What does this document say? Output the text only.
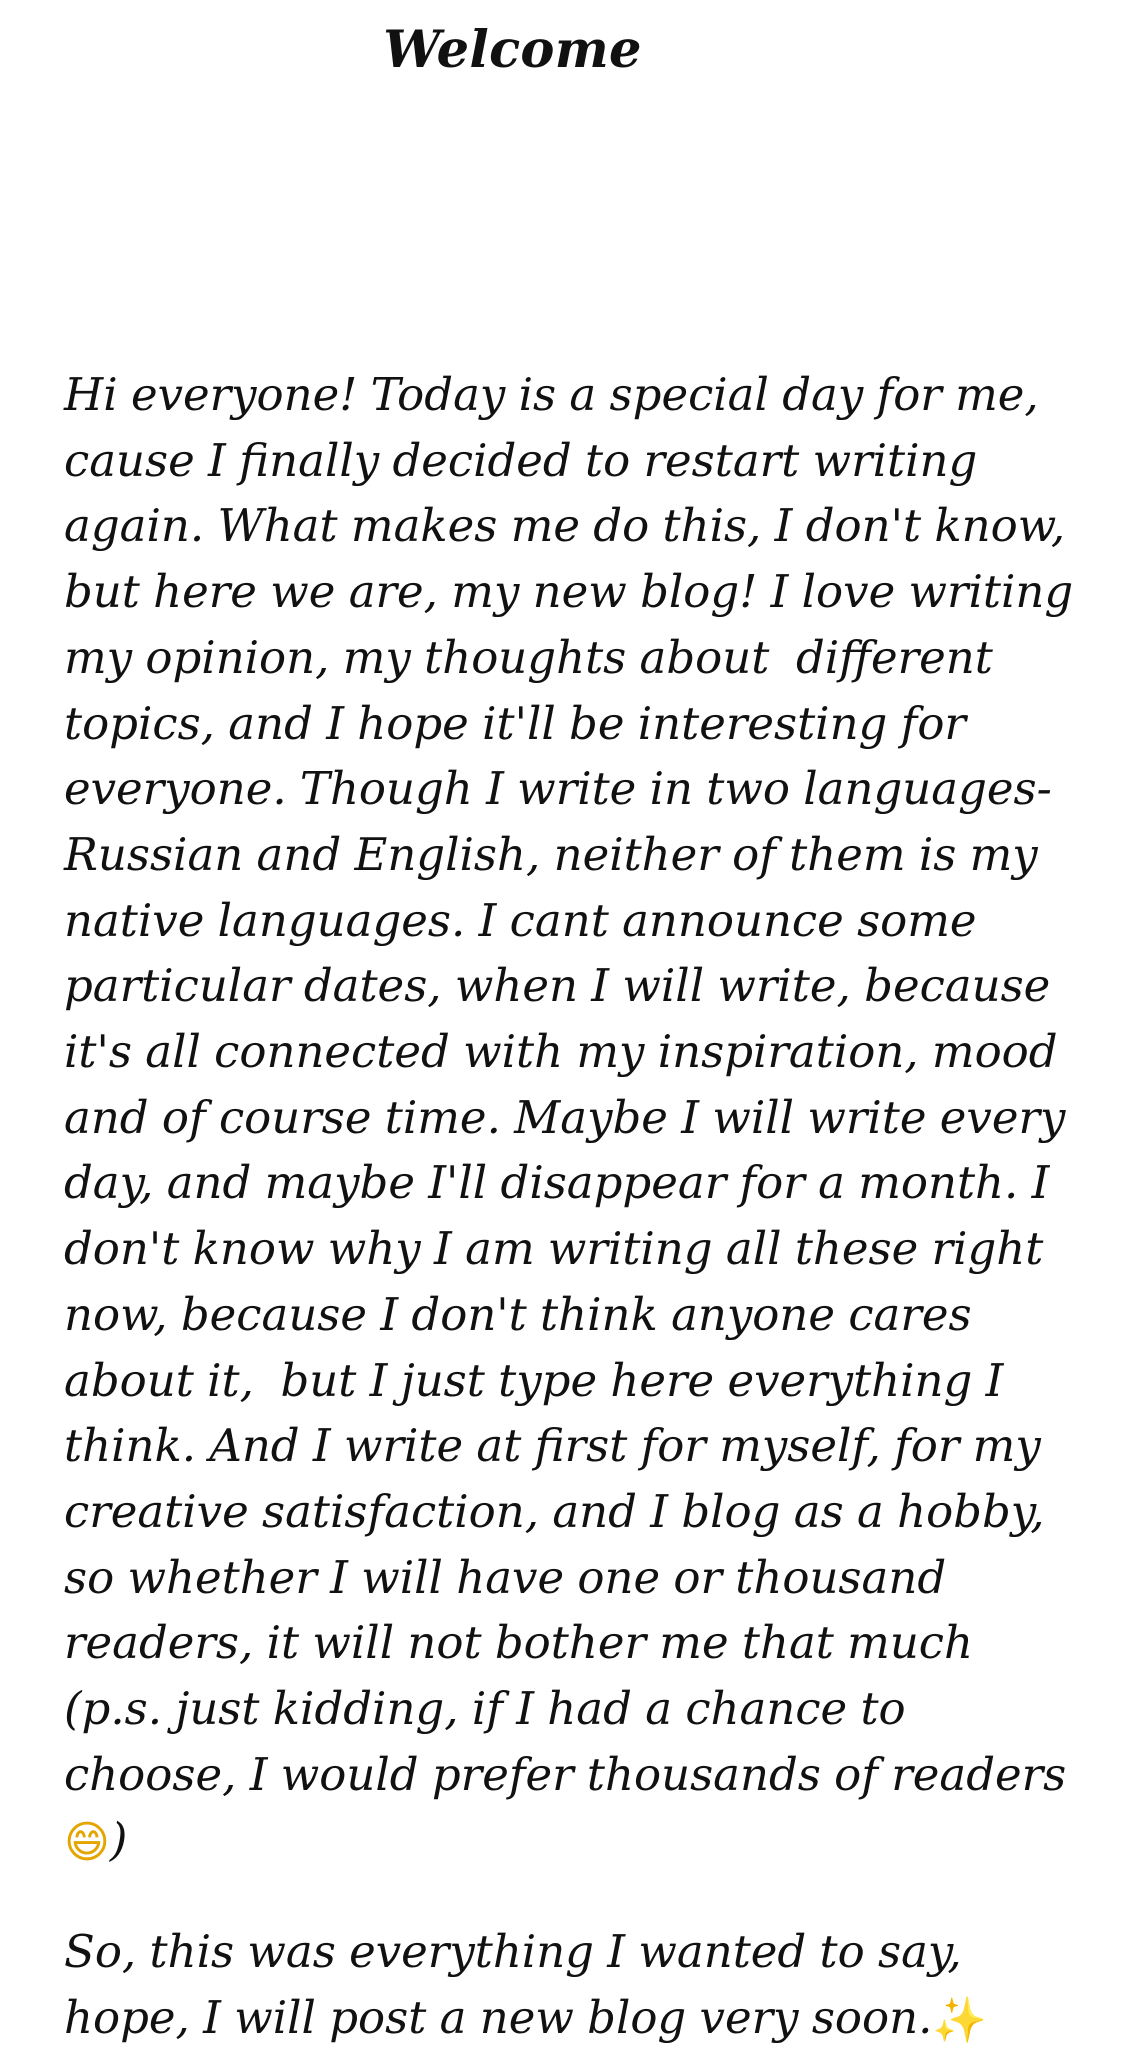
Welcome

Hi everyone! Today is a special day for me, cause I finally decided to restart writing again. What makes me do this, I don't know, but here we are, my new blog! I love writing my opinion, my thoughts about  different topics, and I hope it'll be interesting for everyone. Though I write in two languages- Russian and English, neither of them is my native languages. I cant announce some particular dates, when I will write, because it's all connected with my inspiration, mood and of course time. Maybe I will write every day, and maybe I'll disappear for a month. I don't know why I am writing all these right now, because I don't think anyone cares about it,  but I just type here everything I think. And I write at first for myself, for my creative satisfaction, and I blog as a hobby, so whether I will have one or thousand readers, it will not bother me that much (p.s. just kidding, if I had a chance to choose, I would prefer thousands of readers😄)

So, this was everything I wanted to say, hope, I will post a new blog very soon.✨
